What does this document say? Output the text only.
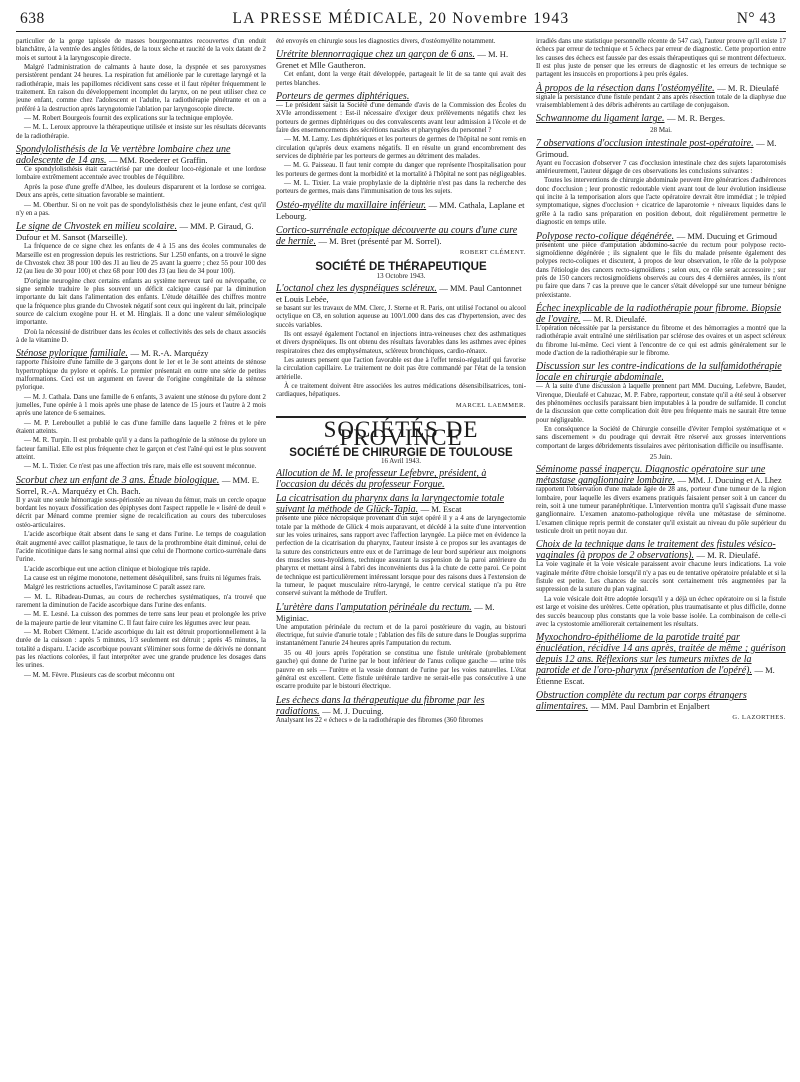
638	LA PRESSE MÉDICALE, 20 Novembre 1943	N° 43

particulier de la gorge tapissée de masses bourgeonnantes recouvertes d'un enduit blanchâtre, à la ventrée des angles fétides, de la toux sèche et raucité de la voix datant de 2 mois et surtout à la laryngoscopie directe.

Malgré l'administration de calmants à haute dose, la dyspnée et ses paroxysmes persistèrent pendant 24 heures. La respiration fut améliorée par le curettage laryngé et la radiothérapie, mais les papillomes récidivent sans cesse et il faut répéter fréquemment le traitement. En raison du développement incomplet du larynx, on ne peut utiliser chez ce jeune enfant, comme chez l'adolescent et l'adulte, la radiothérapie pénétrante et on a préféré à la destruction après laryngotomie l'ablation par laryngoscopie directe.

— M. Robert Bourgeois fournit des explications sur la technique employée.

— M. L. Leroux approuve la thérapeutique utilisée et insiste sur les résultats décevants de la radiothérapie.

Spondylolisthésis de la Ve vertèbre lombaire chez une adolescente de 14 ans. — MM. Roederer et Graffin.

Ce spondylolisthésis était caractérisé par une douleur loco-régionale et une lordose lombaire extrêmement accentuée avec troubles de l'équilibre.

Après la pose d'une greffe d'Albee, les douleurs disparurent et la lordose se corrigea. Deux ans après, cette situation favorable se maintient.

— M. Oberthur. Si on ne voit pas de spondylolisthésis chez le jeune enfant, c'est qu'il n'y en a pas.

Le signe de Chvostek en milieu scolaire. — MM. P. Giraud, G. Dufour et M. Sansot (Marseille).

La fréquence de ce signe chez les enfants de 4 à 15 ans des écoles communales de Marseille est en progression depuis les restrictions. Sur 1.250 enfants, on a trouvé le signe de Chvostek chez 38 pour 100 des J1 au lieu de 25 avant la guerre ; chez 55 pour 100 des J2 (au lieu de 30 pour 100) et chez 68 pour 100 des J3 (au lieu de 34 pour 100).

D'origine neurogène chez certains enfants au système nerveux taré ou névropathe, ce signe semble traduire le plus souvent un déficit calcique causé par la diminution importante du lait dans l'alimentation des enfants. L'étude détaillée des chiffres montre que la fréquence plus grande du Chvostek négatif sont ceux qui ingèrent du lait, principale source de calcium exogène pour H. et M. Hinglais. Il a donc une valeur séméiologique importante.

D'où la nécessité de distribuer dans les écoles et collectivités des sels de chaux associés à de la vitamine D.

Sténose pylorique familiale. — M. R.-A. Marquézy

rapporte l'histoire d'une famille de 3 garçons dont le 1er et le 3e sont atteints de sténose hypertrophique du pylore et opérés. Le premier présentait en outre une série de petites malformations. Ceci est un argument en faveur de l'origine congénitale de la sténose pylorique.

— M. J. Cathala. Dans une famille de 6 enfants, 3 avaient une sténose du pylore dont 2 jumelles, l'une opérée à 1 mois après une phase de latence de 15 jours et l'autre à 2 mois après une latence de 6 semaines.

— M. P. Lereboullet a publié le cas d'une famille dans laquelle 2 frères et le père étaient atteints.

— M. R. Turpin. Il est probable qu'il y a dans la pathogénie de la sténose du pylore un facteur familial. Elle est plus fréquente chez le garçon et c'est l'aîné qui est le plus souvent atteint.

— M. L. Tixier. Ce n'est pas une affection très rare, mais elle est souvent méconnue.

Scorbut chez un enfant de 3 ans. Étude biologique. — MM. E. Sorrel, R.-A. Marquézy et Ch. Bach.

Il y avait une seule hémorragie sous-périostée au niveau du fémur, mais un cercle opaque bordant les noyaux d'ossification des épiphyses dont l'aspect rappelle le « liséré de deuil » décrit par Ménard comme premier signe de recalcification au cours des tuberculoses ostéo-articulaires.

L'acide ascorbique était absent dans le sang et dans l'urine. Le temps de coagulation était augmenté avec caillot plasmatique, le taux de la prothrombine était diminué, celui de l'acide nicotinique dans le sang normal ainsi que celui de l'hormone cortico-surrénale dans l'urine.

L'acide ascorbique eut une action clinique et biologique très rapide.

La cause est un régime monotone, nettement déséquilibré, sans fruits ni légumes frais.

Malgré les restrictions actuelles, l'avitaminose C paraît assez rare.

— M. L. Ribadeau-Dumas, au cours de recherches systématiques, n'a trouvé que rarement la diminution de l'acide ascorbique dans l'urine des enfants.

— M. E. Lesné. La cuisson des pommes de terre sans leur peau et prolongée les prive de la majeure partie de leur vitamine C. Il faut faire cuire les légumes avec leur peau.

— M. Robert Clément. L'acide ascorbique du lait est détruit proportionnellement à la durée de la cuisson : après 5 minutes, 1/3 seulement est détruit ; après 45 minutes, la totalité a disparu. L'acide ascorbique pouvant s'éliminer sous forme de dérivés ne donnant pas les réactions colorées, il faut interpréter avec une grande prudence les dosages dans les urines.

— M. M. Fèvre. Plusieurs cas de scorbut méconnu ont

été envoyés en chirurgie sous les diagnostics divers, d'ostéomyélite notamment.

Urétrite blennorragique chez un garçon de 6 ans. — M. H. Grenet et Mlle Gautheron.

Cet enfant, dont la verge était développée, partageait le lit de sa tante qui avait des pertes blanches.

Porteurs de germes diphtériques.

— Le président saisit la Société d'une demande d'avis de la Commission des Écoles du XVIe arrondissement : Est-il nécessaire d'exiger deux prélèvements négatifs chez les porteurs de germes diphtériques ou des convalescents avant leur admission à l'école et de faire des ensemencements des sécrétions nasales et pharyngées du personnel ?

— M. M. Lamy. Les diphtériques et les porteurs de germes de l'hôpital ne sont remis en circulation qu'après deux examens négatifs. Il en résulte un grand encombrement des services de diphtérie par les porteurs de germes au détriment des malades.

— M. G. Paisseau. Il faut tenir compte du danger que représente l'hospitalisation pour les porteurs de germes dont la morbidité et la mortalité à l'hôpital ne sont pas négligeables.

— M. L. Tixier. La vraie prophylaxie de la diphtérie n'est pas dans la recherche des porteurs de germes, mais dans l'immunisation de tous les sujets.

Ostéo-myélite du maxillaire inférieur. — MM. Cathala, Laplane et Lebourg.
Cortico-surrénale ectopique découverte au cours d'une cure de hernie. — M. Bret (présenté par M. Sorrel).
ROBERT CLÉMENT.
SOCIÉTÉ DE THÉRAPEUTIQUE
13 Octobre 1943.
L'octanol chez les dyspnéiques scléreux. — MM. Paul Cantonnet et Louis Lebée,

se basant sur les travaux de MM. Clerc, J. Sterne et R. Paris, ont utilisé l'octanol ou alcool octylique en C8, en solution aqueuse au 100/1.000 dans des cas d'hypertension, avec des succès variables.

Ils ont essayé également l'octanol en injections intra-veineuses chez des asthmatiques et divers dyspnéiques. Ils ont obtenu des résultats favorables dans les asthmes avec épines respiratoires chez des emphysémateux, scléreux bronchiques, cardio-rénaux.

Les auteurs pensent que l'action favorable est due à l'effet tensio-régulatif qui favorise la circulation capillaire. Le traitement ne doit pas être commandé par l'état de la tension artérielle.

À ce traitement doivent être associées les autres médications désensibilisatrices, toni-cardiaques, hépatiques.

MARCEL LAEMMER.
SOCIÉTÉS DE PROVINCE
SOCIÉTÉ DE CHIRURGIE DE TOULOUSE
16 Avril 1943.
Allocution de M. le professeur Lefebvre, président, à l'occasion du décès du professeur Forgue.
La cicatrisation du pharynx dans la laryngectomie totale suivant la méthode de Glück-Tapia. — M. Escat

présente une pièce nécropsique provenant d'un sujet opéré il y a 4 ans de laryngectomie totale par la méthode de Glück 4 mois auparavant, et décédé à la suite d'une intervention sur les voies urinaires, sans rapport avec l'affection laryngée. La pièce met en évidence la perfection de la cicatrisation du pharynx, l'auteur insiste à ce propos sur les avantages de la suture des constricteurs entre eux et de l'arrimage de leur bord supérieur aux moignons des muscles sous-hyoïdiens, technique assurant la suspension de la paroi antérieure du pharynx et mettant ainsi à l'abri des inconvénients dus à la chute de cette paroi. Ce point de technique est particulièrement intéressant lorsque pour des raisons dues à l'extension de la tumeur, le paquet musculaire rétro-laryngé, le centre cervical statique n'a pu être conservé suivant la méthode de Truffert.

L'urètère dans l'amputation périnéale du rectum. — M. Miginiac.

Une amputation périnéale du rectum et de la paroi postérieure du vagin, au bistouri électrique, fut suivie d'anurie totale ; l'ablation des fils de suture dans le Douglas supprima instantanément l'anurie 24 heures après l'amputation du rectum.

35 ou 40 jours après l'opération se constitua une fistule urétérale (probablement gauche) qui donne de l'urine par le bout inférieur de l'anus colique gauche — urine très pauvre en sels — l'urètre et la vessie donnant de l'urine par les voies naturelles. L'état général est excellent. Cette fistule urétérale tardive ne serait-elle pas consécutive à une escarre produite par le bistouri électrique.

Les échecs dans la thérapeutique du fibrome par les radiations. — M. J. Ducuing.

Analysant les 22 « échecs » de la radiothérapie des fibromes (360 fibromes

irradiés dans une statistique personnelle récente de 547 cas), l'auteur prouve qu'il existe 17 échecs par erreur de technique et 5 échecs par erreur de diagnostic. Cette proportion entre les causes des échecs est faussée par des essais thérapeutiques qui se montrent défectueux. Il est plus juste de penser que les erreurs de diagnostic et les erreurs de technique se partagent les insuccès en proportions à peu près égales.

À propos de la résection dans l'ostéomyélite. — M. R. Dieulafé

signale la persistance d'une fistule pendant 2 ans après résection totale de la diaphyse due vraisemblablement à des débris adhérents au cartilage de conjugaison.

Schwannome du ligament large. — M. R. Berges.
28 Mai.
7 observations d'occlusion intestinale post-opératoire. — M. Grimoud.

Ayant eu l'occasion d'observer 7 cas d'occlusion intestinale chez des sujets laparotomisés antérieurement, l'auteur dégage de ces observations les conclusions suivantes :

Toutes les interventions de chirurgie abdominale peuvent être génératrices d'adhérences donc d'occlusion ; leur pronostic redoutable vient avant tout de leur évolution insidieuse qui incite à la temporisation alors que l'acte opératoire devrait être immédiat ; le trépied symptomatique, signes d'occlusion + cicatrice de laparotomie + niveaux liquides dans le grêle à la radio sans préparation en position debout, doit régulièrement permettre le diagnostic en temps utile.

Polypose recto-colique dégénérée. — MM. Ducuing et Grimoud

présentent une pièce d'amputation abdomino-sacrée du rectum pour polypose recto-sigmoïdienne dégénérée ; ils signalent que le fils du malade présente également des polypes recto-coliques et discutent, à propos de leur observation, le rôle de la polypose dans l'étiologie des cancers recto-sigmoïdiens ; selon eux, ce rôle serait accessoire ; sur près de 150 cancers rectosigmoïdiens observés au cours des 4 dernières années, ils n'ont pu faire que dans 7 cas la preuve que le cancer s'était développé sur une tumeur bénigne préexistante.

Échec inexplicable de la radiothérapie pour fibrome. Biopsie de l'ovaire. — M. R. Dieulafé.

L'opération nécessitée par la persistance du fibrome et des hémorragies a montré que la radiothérapie avait entraîné une stérilisation par sclérose des ovaires et un aspect scléreux du fibrome lui-même. Ceci vient à l'encontre de ce qui est admis généralement sur le mode d'action de la radiothérapie sur le fibrome.

Discussion sur les contre-indications de la sulfamidothérapie locale en chirurgie abdominale.

— À la suite d'une discussion à laquelle prennent part MM. Ducuing, Lefebvre, Baudet, Virenque, Dieulafé et Cahuzac, M. P. Fabre, rapporteur, constate qu'il a été seul à observer des phénomènes occlusifs paraissant bien imputables à la poudre de sulfamide. Il conclut de la discussion que cette complication doit être peu fréquente mais ne saurait être tenue pour négligeable.

En conséquence la Société de Chirurgie conseille d'éviter l'emploi systématique et « sans discernement » du poudrage qui devrait être réservé aux grosses interventions comportant de larges débridements tissulaires avec péritonisation difficile ou insuffisante.

25 Juin.
Séminome passé inaperçu. Diagnostic opératoire sur une métastase ganglionnaire lombaire. — MM. J. Ducuing et A. Lhez

rapportent l'observation d'une malade âgée de 28 ans, porteur d'une tumeur de la région lombaire, pour laquelle les divers examens pratiqués faisaient penser soit à un cancer du rein, soit à une tumeur paranéphrétique. L'intervention montra qu'il s'agissait d'une masse ganglionnaire. L'examen anatomo-pathologique révéla une métastase de séminome. L'examen clinique repris permit de constater qu'il existait au niveau du pôle supérieur du testicule droit un petit noyau dur.

Choix de la technique dans le traitement des fistules vésico-vaginales (à propos de 2 observations). — M. R. Dieulafé.

La voie vaginale et la voie vésicale paraissent avoir chacune leurs indications. La voie vaginale mérite d'être choisie lorsqu'il n'y a pas eu de tentative opératoire préalable et si la fistule est petite. Les chances de succès sont certainement très augmentées par la suppression de la suture du plan vaginal.

La voie vésicale doit être adoptée lorsqu'il y a déjà un échec opératoire ou si la fistule est large et voisine des urètères. Cette opération, plus traumatisante et plus difficile, donne des succès beaucoup plus constants que la voie basse isolée. La combinaison de celle-ci avec la cystostomie améliorerait certainement les résultats.

Myxochondro-épithéliome de la parotide traité par énucléation, récidive 14 ans après, traitée de même ; guérison depuis 12 ans. Réflexions sur les tumeurs mixtes de la parotide et de l'oro-pharynx (présentation de l'opéré). — M. Étienne Escat.
Obstruction complète du rectum par corps étrangers alimentaires. — MM. Paul Dambrin et Enjalbert
G. LAZORTHES.
